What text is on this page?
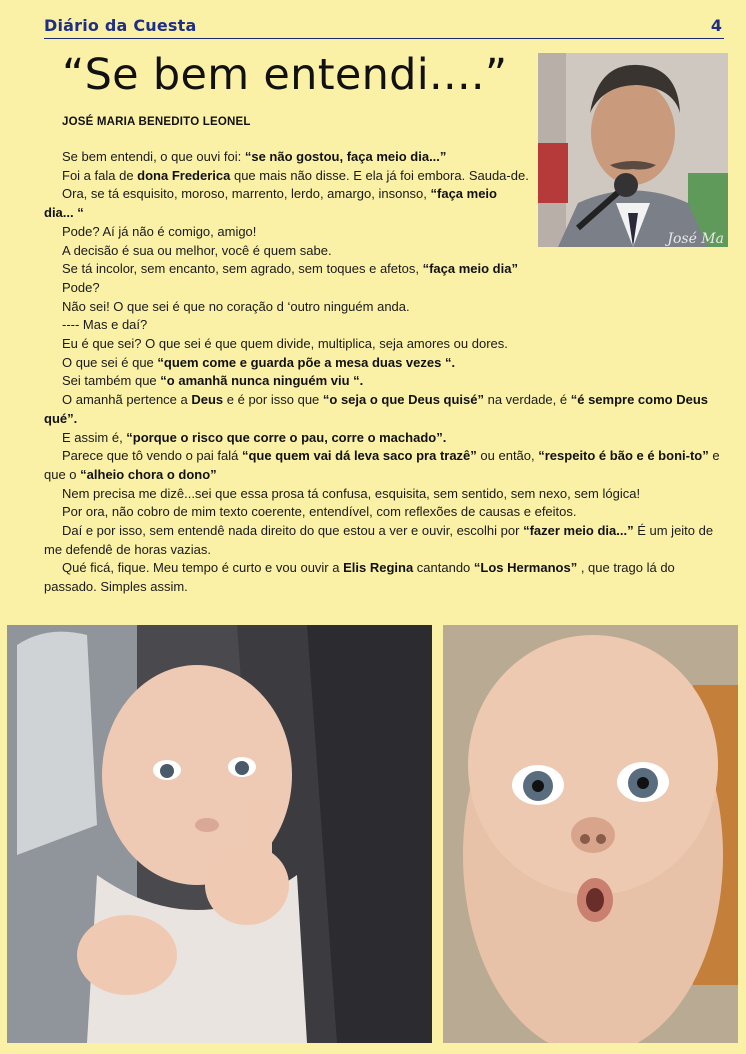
Diário da Cuesta	4
“Se bem entendi....”
JOSÉ MARIA BENEDITO LEONEL
José Ma

Se bem entendi, o que ouvi foi: “se não gostou, faça meio dia...”

Foi a fala de dona Frederica que mais não disse. E ela já foi embora. Sauda-de.

Ora, se tá esquisito, moroso, marrento, lerdo, amargo, insonso, “faça meio dia... “

Pode? Aí já não é comigo, amigo!

A decisão é sua ou melhor, você é quem sabe.

Se tá incolor, sem encanto, sem agrado, sem toques e afetos, “faça meio dia”

Pode?

Não sei! O que sei é que no coração d ‘outro ninguém anda.

---- Mas e daí?

Eu é que sei? O que sei é que quem divide, multiplica, seja amores ou dores.

O que sei é que “quem come e guarda põe a mesa duas vezes “.

Sei também que “o amanhã nunca ninguém viu “.

O amanhã pertence a Deus e é por isso que “o seja o que Deus quisé” na verdade, é “é sempre como Deus qué”.

E assim é, “porque o risco que corre o pau, corre o machado”.

Parece que tô vendo o pai falá “que quem vai dá leva saco pra trazê” ou então, “respeito é bão e é boni-to” e que o “alheio chora o dono”

Nem precisa me dizê...sei que essa prosa tá confusa, esquisita, sem sentido, sem nexo, sem lógica!

Por ora, não cobro de mim texto coerente, entendível, com reflexões de causas e efeitos.

Daí e por isso, sem entendê nada direito do que estou a ver e ouvir, escolhi por “fazer meio dia...” É um jeito de me defendê de horas vazias.

Qué ficá, fique. Meu tempo é curto e vou ouvir a Elis Regina cantando “Los Hermanos” , que trago lá do passado. Simples assim.
